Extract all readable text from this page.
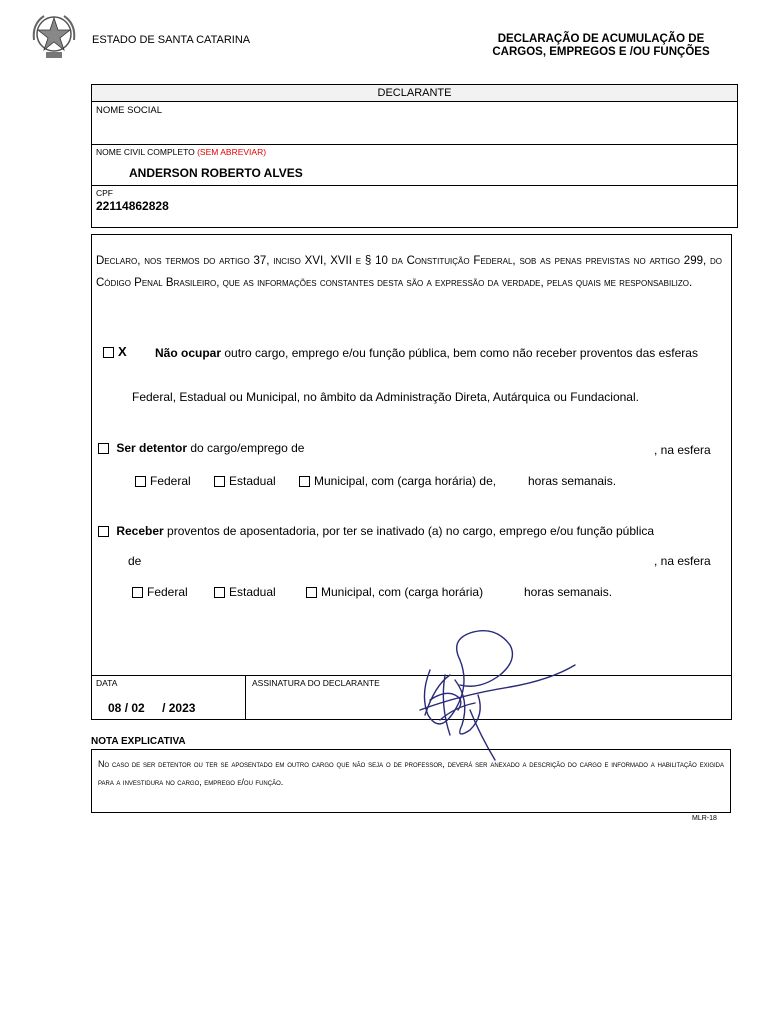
ESTADO DE SANTA CATARINA	DECLARAÇÃO DE ACUMULAÇÃO DE
CARGOS, EMPREGOS E /OU FUNÇÕES
DECLARANTE
NOME SOCIAL
NOME CIVIL COMPLETO (SEM ABREVIAR)
ANDERSON ROBERTO ALVES
CPF
22114862828
Declaro, nos termos do artigo 37, inciso XVI, XVII e § 10 da Constituição Federal, sob as penas previstas no artigo 299, do Código Penal Brasileiro, que as informações constantes desta são a expressão da verdade, pelas quais me responsabilizo.
X	Não ocupar outro cargo, emprego e/ou função pública, bem como não receber proventos das esferas
Federal, Estadual ou Municipal, no âmbito da Administração Direta, Autárquica ou Fundacional.
Ser detentor do cargo/emprego de	, na esfera
Federal	Estadual	Municipal, com (carga horária) de,	horas semanais.
Receber proventos de aposentadoria, por ter se inativado (a) no cargo, emprego e/ou função pública
de	, na esfera
Federal	Estadual	Municipal, com (carga horária)	horas semanais.
DATA
08 / 02 / 2023
ASSINATURA DO DECLARANTE
NOTA EXPLICATIVA
No caso de ser detentor ou ter se aposentado em outro cargo que não seja o de professor, deverá ser anexado a descrição do cargo e informado a habilitação exigida para a investidura no cargo, emprego e/ou função.
MLR-18
